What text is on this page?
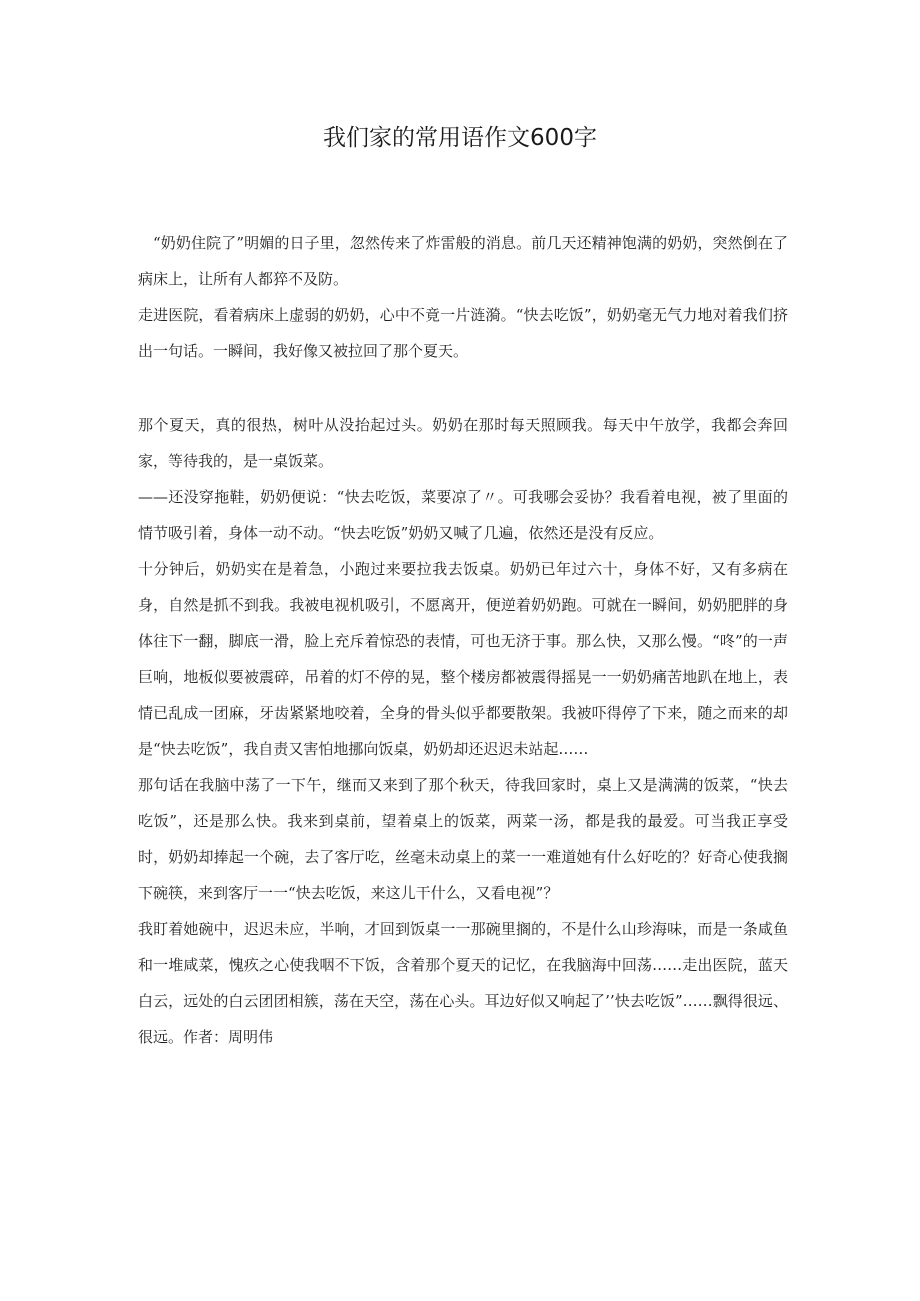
我们家的常用语作文600字

“奶奶住院了”明媚的日子里，忽然传来了炸雷般的消息。前几天还精神饱满的奶奶，突然倒在了病床上，让所有人都猝不及防。

走进医院，看着病床上虚弱的奶奶，心中不竟一片涟漪。“快去吃饭”，奶奶毫无气力地对着我们挤出一句话。一瞬间，我好像又被拉回了那个夏天。

那个夏天，真的很热，树叶从没抬起过头。奶奶在那时每天照顾我。每天中午放学，我都会奔回家，等待我的，是一桌饭菜。

——还没穿拖鞋，奶奶便说：“快去吃饭，菜要凉了〃。可我哪会妥协？我看着电视，被了里面的情节吸引着，身体一动不动。“快去吃饭”奶奶又喊了几遍，依然还是没有反应。

十分钟后，奶奶实在是着急，小跑过来要拉我去饭桌。奶奶已年过六十，身体不好，又有多病在身，自然是抓不到我。我被电视机吸引，不愿离开，便逆着奶奶跑。可就在一瞬间，奶奶肥胖的身体往下一翻，脚底一滑，脸上充斥着惊恐的表情，可也无济于事。那么快，又那么慢。“咚”的一声巨响，地板似要被震碎，吊着的灯不停的晃，整个楼房都被震得摇晃一一奶奶痛苦地趴在地上，表情已乱成一团麻，牙齿紧紧地咬着，全身的骨头似乎都要散架。我被吓得停了下来，随之而来的却是“快去吃饭”，我自责又害怕地挪向饭桌，奶奶却还迟迟未站起……

那句话在我脑中荡了一下午，继而又来到了那个秋天，待我回家时，桌上又是满满的饭菜，“快去吃饭”，还是那么快。我来到桌前，望着桌上的饭菜，两菜一汤，都是我的最爱。可当我正享受时，奶奶却捧起一个碗，去了客厅吃，丝毫未动桌上的菜一一难道她有什么好吃的？好奇心使我搁下碗筷，来到客厅一一“快去吃饭，来这儿干什么，又看电视”？

我盯着她碗中，迟迟未应，半响，才回到饭桌一一那碗里搁的，不是什么山珍海味，而是一条咸鱼和一堆咸菜，愧疚之心使我咽不下饭，含着那个夏天的记忆，在我脑海中回荡……走出医院，蓝天白云，远处的白云团团相簇，荡在天空，荡在心头。耳边好似又响起了’’快去吃饭”……飘得很远、很远。作者：周明伟
